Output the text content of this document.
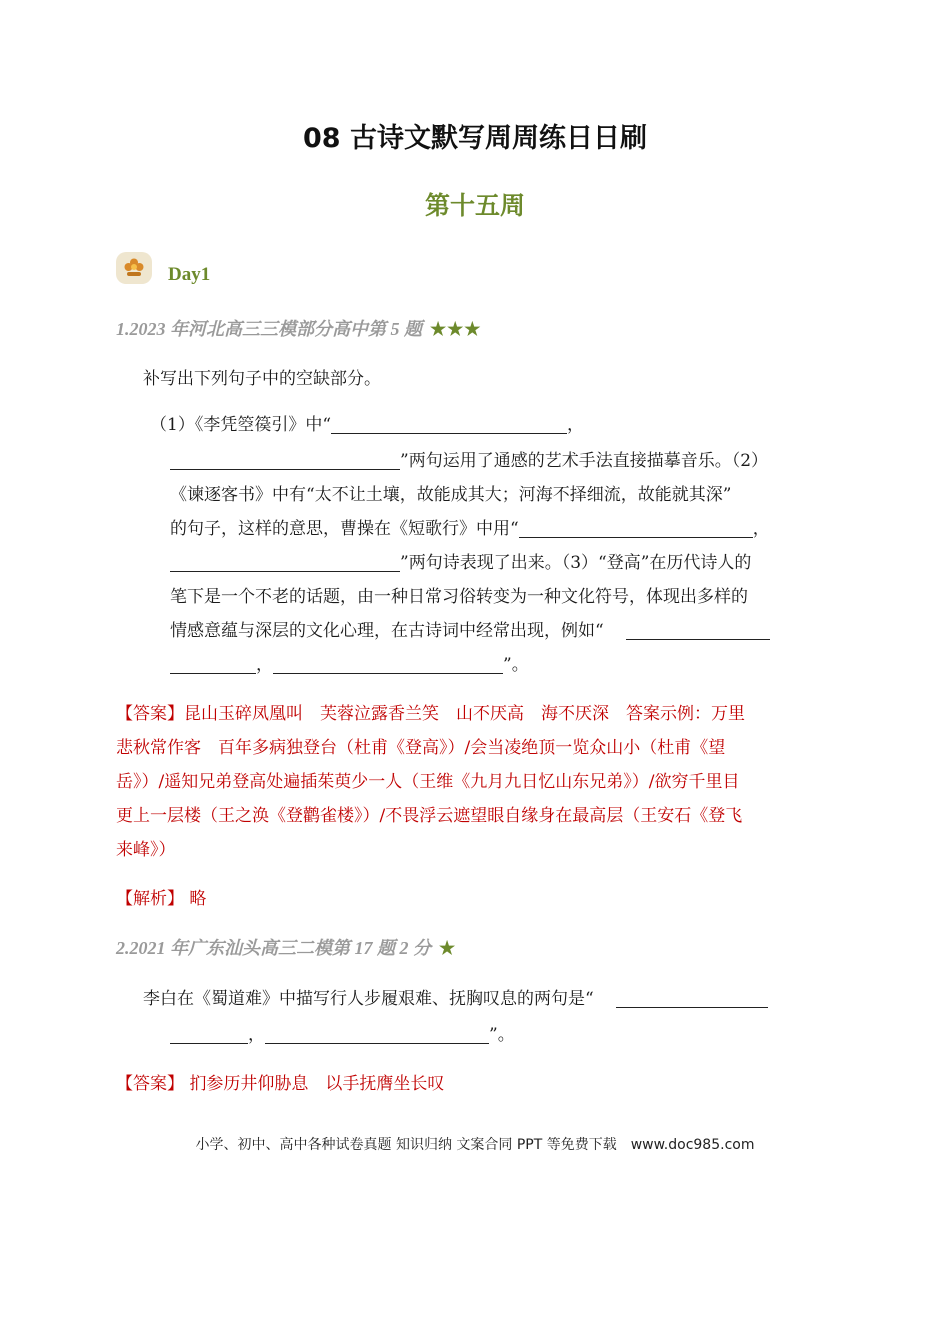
08 古诗文默写周周练日日刷
第十五周
Day1
1.2023 年河北高三三模部分高中第 5 题 ★★★
补写出下列句子中的空缺部分。
（1）《李凭箜篌引》中“	，
”两句运用了通感的艺术手法直接描摹音乐。（2）
《谏逐客书》中有“太不让土壤，故能成其大；河海不择细流，故能就其深”
的句子，这样的意思，曹操在《短歌行》中用“	，
”两句诗表现了出来。（3）“登高”在历代诗人的
笔下是一个不老的话题，由一种日常习俗转变为一种文化符号，体现出多样的
情感意蕴与深层的文化心理，在古诗词中经常出现，例如“
，	”。
【答案】昆山玉碎凤凰叫　芙蓉泣露香兰笑　山不厌高　海不厌深　答案示例：万里
悲秋常作客　百年多病独登台（杜甫《登高》）/会当凌绝顶一览众山小（杜甫《望
岳》）/遥知兄弟登高处遍插茱萸少一人（王维《九月九日忆山东兄弟》）/欲穷千里目
更上一层楼（王之涣《登鹳雀楼》）/不畏浮云遮望眼自缘身在最高层（王安石《登飞
来峰》）
【解析】 略
2.2021 年广东汕头高三二模第 17 题 2 分 ★
李白在《蜀道难》中描写行人步履艰难、抚胸叹息的两句是“
，	”。
【答案】 扪参历井仰胁息　以手抚膺坐长叹
小学、初中、高中各种试卷真题 知识归纳 文案合同 PPT 等免费下载　www.doc985.com
